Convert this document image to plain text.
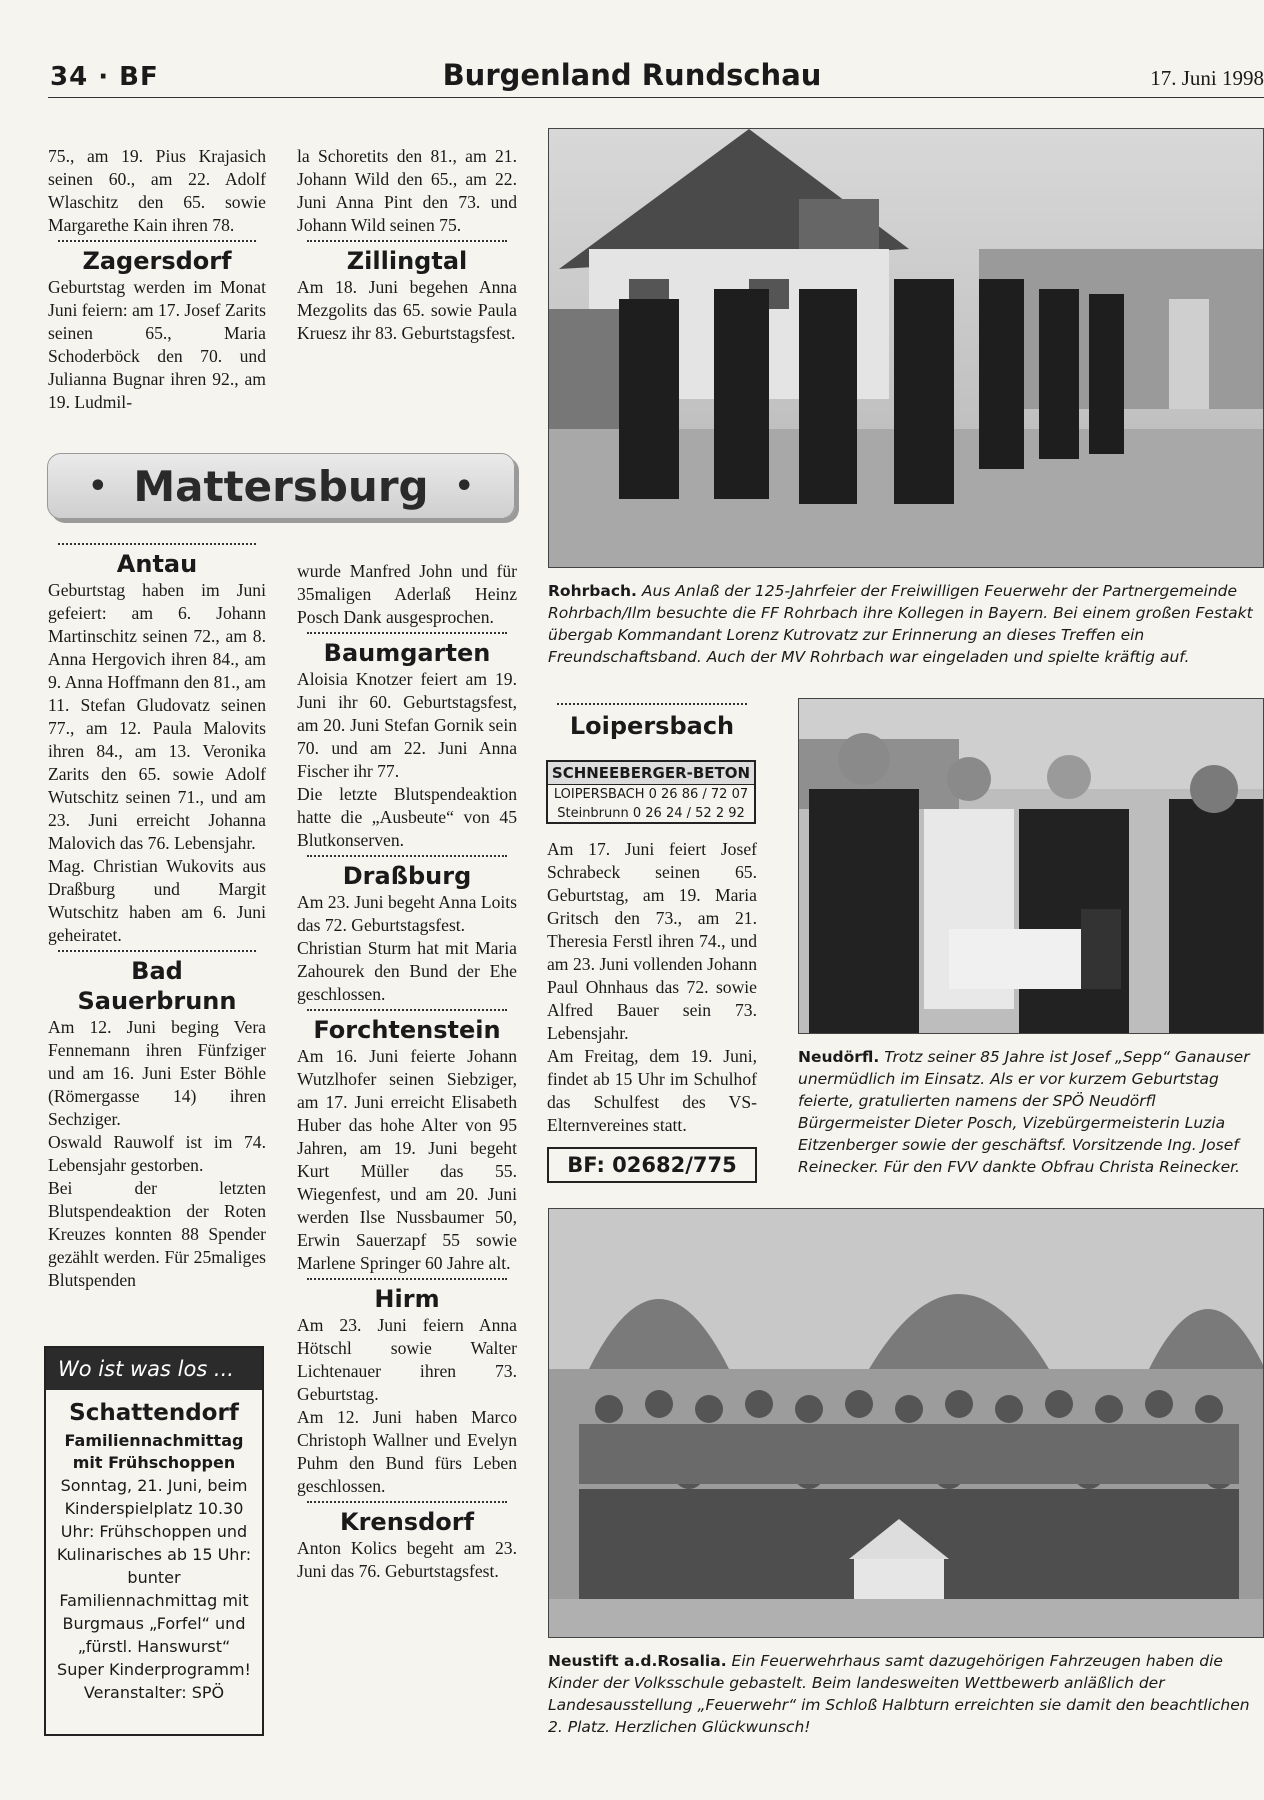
Burgenland Rundschau
34 · BF	17. Juni 1998

75., am 19. Pius Krajasich seinen 60., am 22. Adolf Wlaschitz den 65. sowie Margarethe Kain ihren 78.

Zagersdorf

Geburtstag werden im Monat Juni feiern: am 17. Josef Zarits seinen 65., Maria Schoderböck den 70. und Julianna Bugnar ihren 92., am 19. Ludmil-

la Schoretits den 81., am 21. Johann Wild den 65., am 22. Juni Anna Pint den 73. und Johann Wild seinen 75.

Zillingtal

Am 18. Juni begehen Anna Mezgolits das 65. sowie Paula Kruesz ihr 83. Geburtstagsfest.

• Mattersburg •
Antau

Geburtstag haben im Juni gefeiert: am 6. Johann Martinschitz seinen 72., am 8. Anna Hergovich ihren 84., am 9. Anna Hoffmann den 81., am 11. Stefan Gludovatz seinen 77., am 12. Paula Malovits ihren 84., am 13. Veronika Zarits den 65. sowie Adolf Wutschitz seinen 71., und am 23. Juni erreicht Johanna Malovich das 76. Lebensjahr.

Mag. Christian Wukovits aus Draßburg und Margit Wutschitz haben am 6. Juni geheiratet.

Bad Sauerbrunn

Am 12. Juni beging Vera Fennemann ihren Fünfziger und am 16. Juni Ester Böhle (Römergasse 14) ihren Sechziger.

Oswald Rauwolf ist im 74. Lebensjahr gestorben.

Bei der letzten Blutspendeaktion der Roten Kreuzes konnten 88 Spender gezählt werden. Für 25maliges Blutspenden

wurde Manfred John und für 35maligen Aderlaß Heinz Posch Dank ausgesprochen.

Baumgarten

Aloisia Knotzer feiert am 19. Juni ihr 60. Geburtstagsfest, am 20. Juni Stefan Gornik sein 70. und am 22. Juni Anna Fischer ihr 77.

Die letzte Blutspendeaktion hatte die „Ausbeute“ von 45 Blutkonserven.

Draßburg

Am 23. Juni begeht Anna Loits das 72. Geburtstagsfest.

Christian Sturm hat mit Maria Zahourek den Bund der Ehe geschlossen.

Forchtenstein

Am 16. Juni feierte Johann Wutzlhofer seinen Siebziger, am 17. Juni erreicht Elisabeth Huber das hohe Alter von 95 Jahren, am 19. Juni begeht Kurt Müller das 55. Wiegenfest, und am 20. Juni werden Ilse Nussbaumer 50, Erwin Sauerzapf 55 sowie Marlene Springer 60 Jahre alt.

Hirm

Am 23. Juni feiern Anna Hötschl sowie Walter Lichtenauer ihren 73. Geburtstag.

Am 12. Juni haben Marco Christoph Wallner und Evelyn Puhm den Bund fürs Leben geschlossen.

Krensdorf

Anton Kolics begeht am 23. Juni das 76. Geburtstagsfest.

Loipersbach
SCHNEEBERGER-BETON
LOIPERSBACH 0 26 86 / 72 07
Steinbrunn 0 26 24 / 52 2 92

Am 17. Juni feiert Josef Schrabeck seinen 65. Geburtstag, am 19. Maria Gritsch den 73., am 21. Theresia Ferstl ihren 74., und am 23. Juni vollenden Johann Paul Ohnhaus das 72. sowie Alfred Bauer sein 73. Lebensjahr.

Am Freitag, dem 19. Juni, findet ab 15 Uhr im Schulhof das Schulfest des VS-Elternvereines statt.

BF: 02682/775
Wo ist was los ...
Schattendorf
Familiennachmittag mit Frühschoppen
Sonntag, 21. Juni, beim Kinderspielplatz 10.30 Uhr: Frühschoppen und Kulinarisches ab 15 Uhr: bunter Familiennachmittag mit Burgmaus „Forfel“ und „fürstl. Hanswurst“ Super Kinderprogramm! Veranstalter: SPÖ
Rohrbach. Aus Anlaß der 125-Jahrfeier der Freiwilligen Feuerwehr der Partnergemeinde Rohrbach/Ilm besuchte die FF Rohrbach ihre Kollegen in Bayern. Bei einem großen Festakt übergab Kommandant Lorenz Kutrovatz zur Erinnerung an dieses Treffen ein Freundschaftsband. Auch der MV Rohrbach war eingeladen und spielte kräftig auf.
Neudörfl. Trotz seiner 85 Jahre ist Josef „Sepp“ Ganauser unermüdlich im Einsatz. Als er vor kurzem Geburtstag feierte, gratulierten namens der SPÖ Neudörfl Bürgermeister Dieter Posch, Vizebürgermeisterin Luzia Eitzenberger sowie der geschäftsf. Vorsitzende Ing. Josef Reinecker. Für den FVV dankte Obfrau Christa Reinecker.
Neustift a.d.Rosalia. Ein Feuerwehrhaus samt dazugehörigen Fahrzeugen haben die Kinder der Volksschule gebastelt. Beim landesweiten Wettbewerb anläßlich der Landesausstellung „Feuerwehr“ im Schloß Halbturn erreichten sie damit den beachtlichen 2. Platz. Herzlichen Glückwunsch!
